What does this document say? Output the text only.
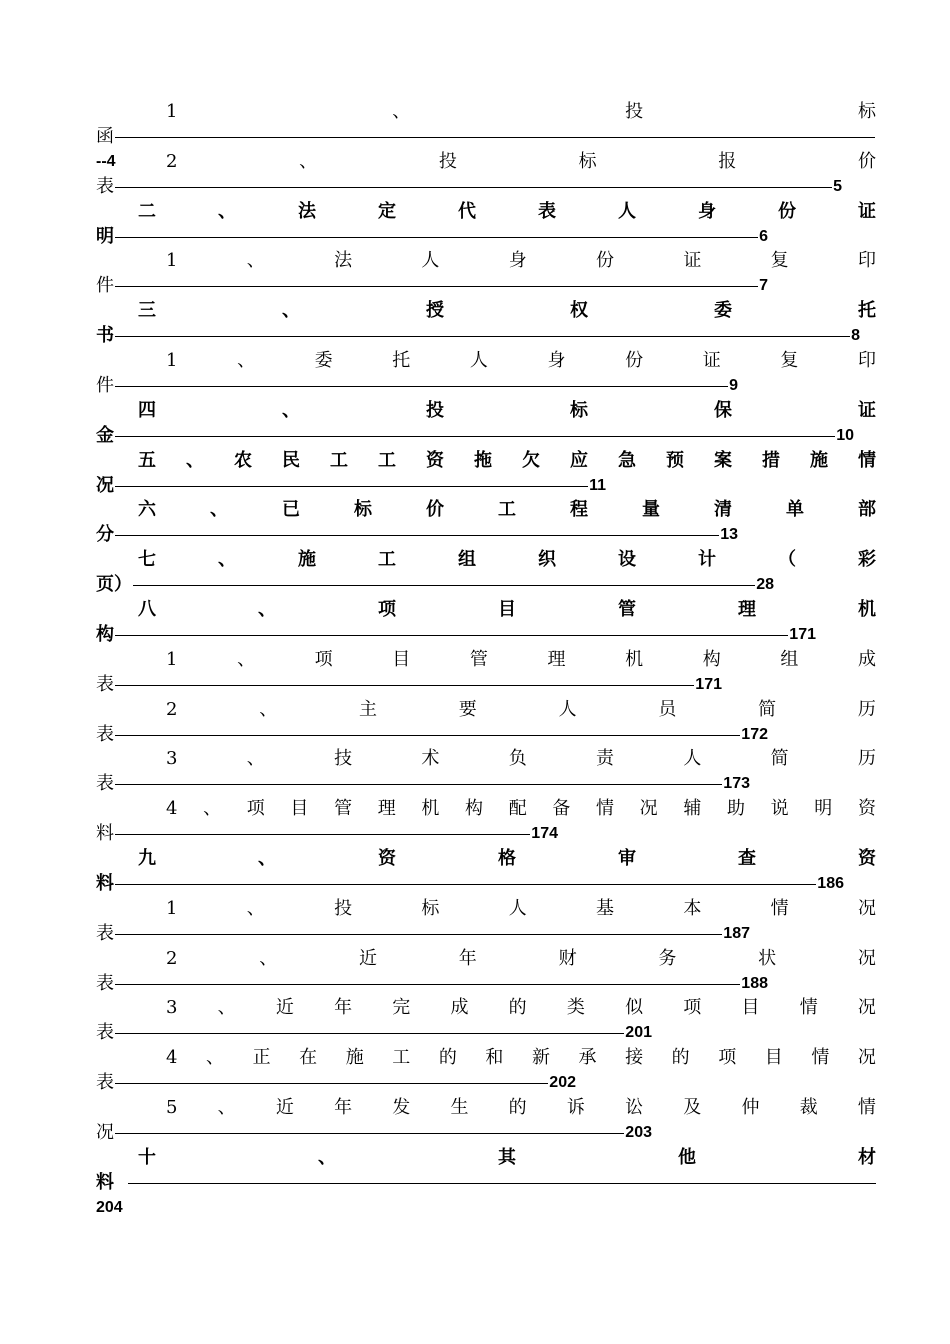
1	、	投	标
函
--4	2	、	投	标	报	价
表	5
二	、	法	定	代	表	人	身	份	证
明	6
1	、	法	人	身	份	证	复	印
件	7
三	、	授	权	委	托
书	8
1	、	委	托	人	身	份	证	复	印
件	9
四	、	投	标	保	证
金	10
五 、 农 民 工 工 资 拖 欠 应 急 预 案 措 施 情
况	11
六	、	已	标	价	工	程	量	清	单	部
分	13
七	、	施	工	组	织	设	计	（	彩
页）	28
八	、	项	目	管	理	机
构	171
1	、	项	目	管	理	机	构	组	成
表	171
2	、	主	要	人	员	简	历
表	172
3	、	技	术	负	责	人	简	历
表	173
4 、 项 目 管 理 机 构 配 备 情 况 辅 助 说 明 资
料	174
九	、	资	格	审	查	资
料	186
1	、	投	标	人	基	本	情	况
表	187
2	、	近	年	财	务	状	况
表	188
3 、 近 年 完 成 的 类 似 项 目 情 况
表	201
4 、 正 在 施 工 的 和 新 承 接 的 项 目 情 况
表	202
5 、 近 年 发 生 的 诉 讼 及 仲 裁 情
况	203
十	、	其	他	材
料
204
